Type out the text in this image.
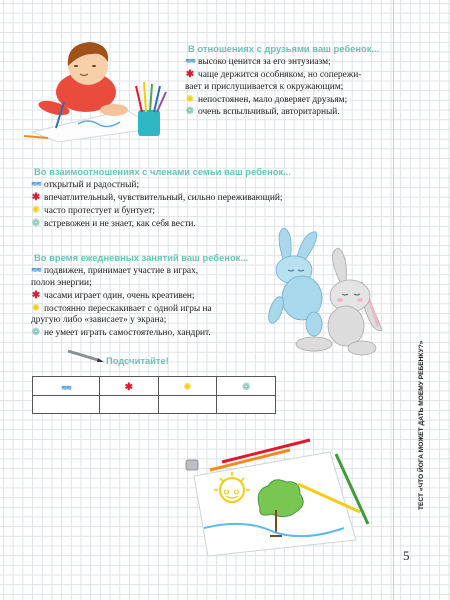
В отношениях с друзьями ваш ребенок...

≋≋ высоко ценится за его энтузиазм;

✱ чаще держится особняком, но сопережи-

вает и прислушивается к окружающим;

✺ непостоянен, мало доверяет друзьям;

❁ очень вспыльчивый, авторитарный.

Во взаимоотношениях с членами семьи ваш ребенок...

≋≋ открытый и радостный;

✱ впечатлительный, чувствительный, сильно переживающий;

✺ часто протестует и бунтует;

❁ встревожен и не знает, как себя вести.

Во время ежедневных занятий ваш ребенок...

≋≋ подвижен, принимает участие в играх,

полон энергии;

✱ часами играет один, очень креативен;

✺ постоянно перескакивает с одной игры на

другую либо «зависает» у экрана;

❁ не умеет играть самостоятельно, хандрит.

Подсчитайте!
≋≋	✱	✺	❁
				ТЕСТ «ЧТО ЙОГА МОЖЕТ ДАТЬ МОЕМУ РЕБЕНКУ?»
5
